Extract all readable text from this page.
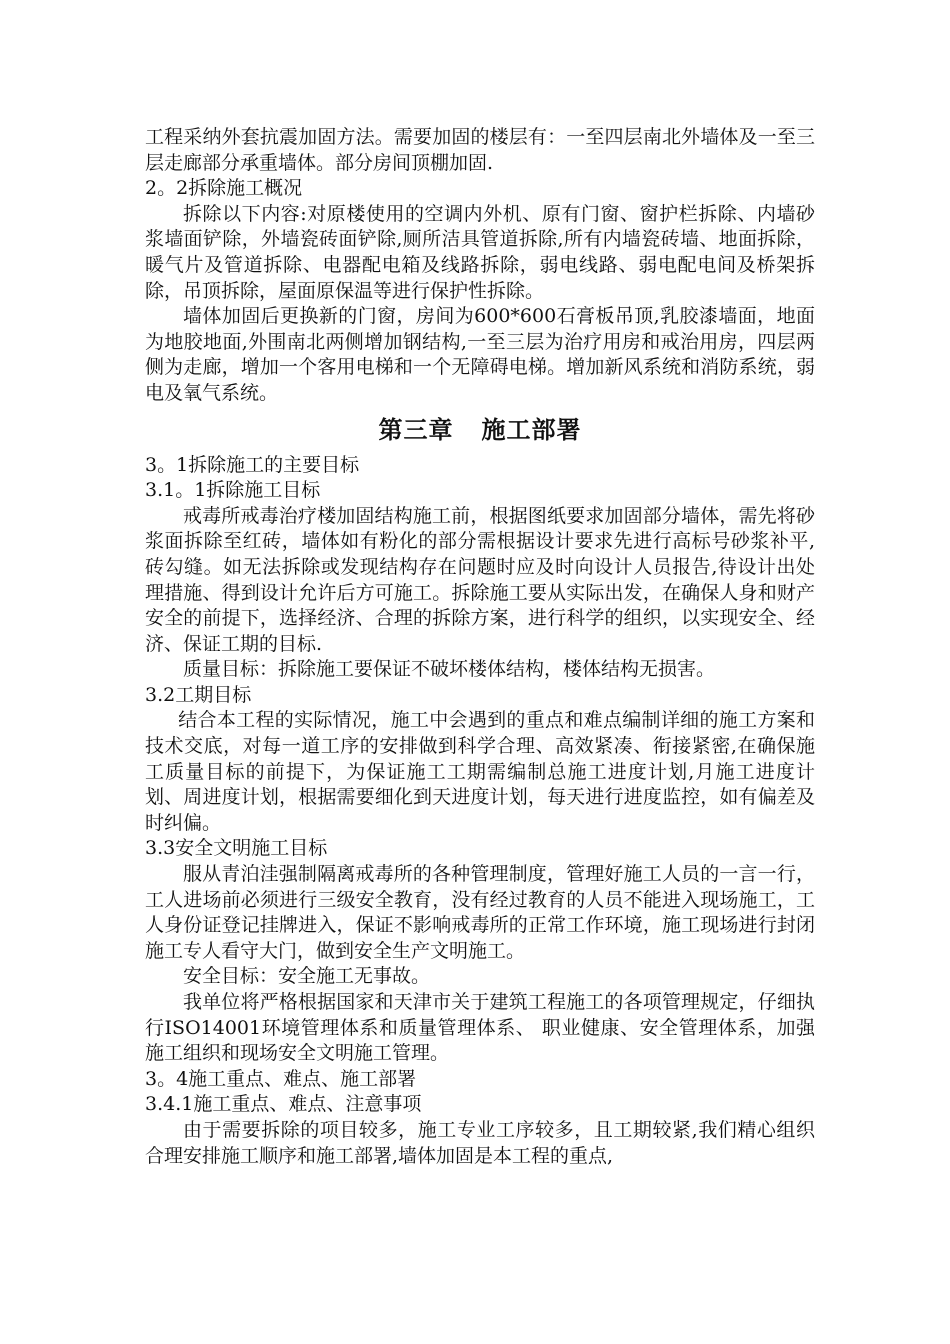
工程采纳外套抗震加固方法。需要加固的楼层有：一至四层南北外墙体及一至三层走廊部分承重墙体。部分房间顶棚加固.

2。2拆除施工概况

拆除以下内容:对原楼使用的空调内外机、原有门窗、窗护栏拆除、内墙砂浆墙面铲除，外墙瓷砖面铲除,厕所洁具管道拆除,所有内墙瓷砖墙、地面拆除，暖气片及管道拆除、电器配电箱及线路拆除，弱电线路、弱电配电间及桥架拆除，吊顶拆除，屋面原保温等进行保护性拆除。

墙体加固后更换新的门窗，房间为600*600石膏板吊顶,乳胶漆墙面，地面为地胶地面,外围南北两侧增加钢结构,一至三层为治疗用房和戒治用房，四层两侧为走廊，增加一个客用电梯和一个无障碍电梯。增加新风系统和消防系统，弱电及氧气系统。

第三章 施工部署

3。1拆除施工的主要目标

3.1。1拆除施工目标

戒毒所戒毒治疗楼加固结构施工前，根据图纸要求加固部分墙体，需先将砂浆面拆除至红砖，墙体如有粉化的部分需根据设计要求先进行高标号砂浆补平,砖勾缝。如无法拆除或发现结构存在问题时应及时向设计人员报告,待设计出处理措施、得到设计允许后方可施工。拆除施工要从实际出发，在确保人身和财产安全的前提下，选择经济、合理的拆除方案，进行科学的组织，以实现安全、经济、保证工期的目标.

质量目标：拆除施工要保证不破坏楼体结构，楼体结构无损害。

3.2工期目标

结合本工程的实际情况，施工中会遇到的重点和难点编制详细的施工方案和技术交底，对每一道工序的安排做到科学合理、高效紧凑、衔接紧密,在确保施工质量目标的前提下，为保证施工工期需编制总施工进度计划,月施工进度计划、周进度计划，根据需要细化到天进度计划，每天进行进度监控，如有偏差及时纠偏。

3.3安全文明施工目标

服从青泊洼强制隔离戒毒所的各种管理制度，管理好施工人员的一言一行，工人进场前必须进行三级安全教育，没有经过教育的人员不能进入现场施工，工人身份证登记挂牌进入，保证不影响戒毒所的正常工作环境，施工现场进行封闭施工专人看守大门，做到安全生产文明施工。

安全目标：安全施工无事故。

我单位将严格根据国家和天津市关于建筑工程施工的各项管理规定，仔细执行ISO14001环境管理体系和质量管理体系、 职业健康、安全管理体系，加强施工组织和现场安全文明施工管理。

3。4施工重点、难点、施工部署

3.4.1施工重点、难点、注意事项

由于需要拆除的项目较多，施工专业工序较多，且工期较紧,我们精心组织合理安排施工顺序和施工部署,墙体加固是本工程的重点,
